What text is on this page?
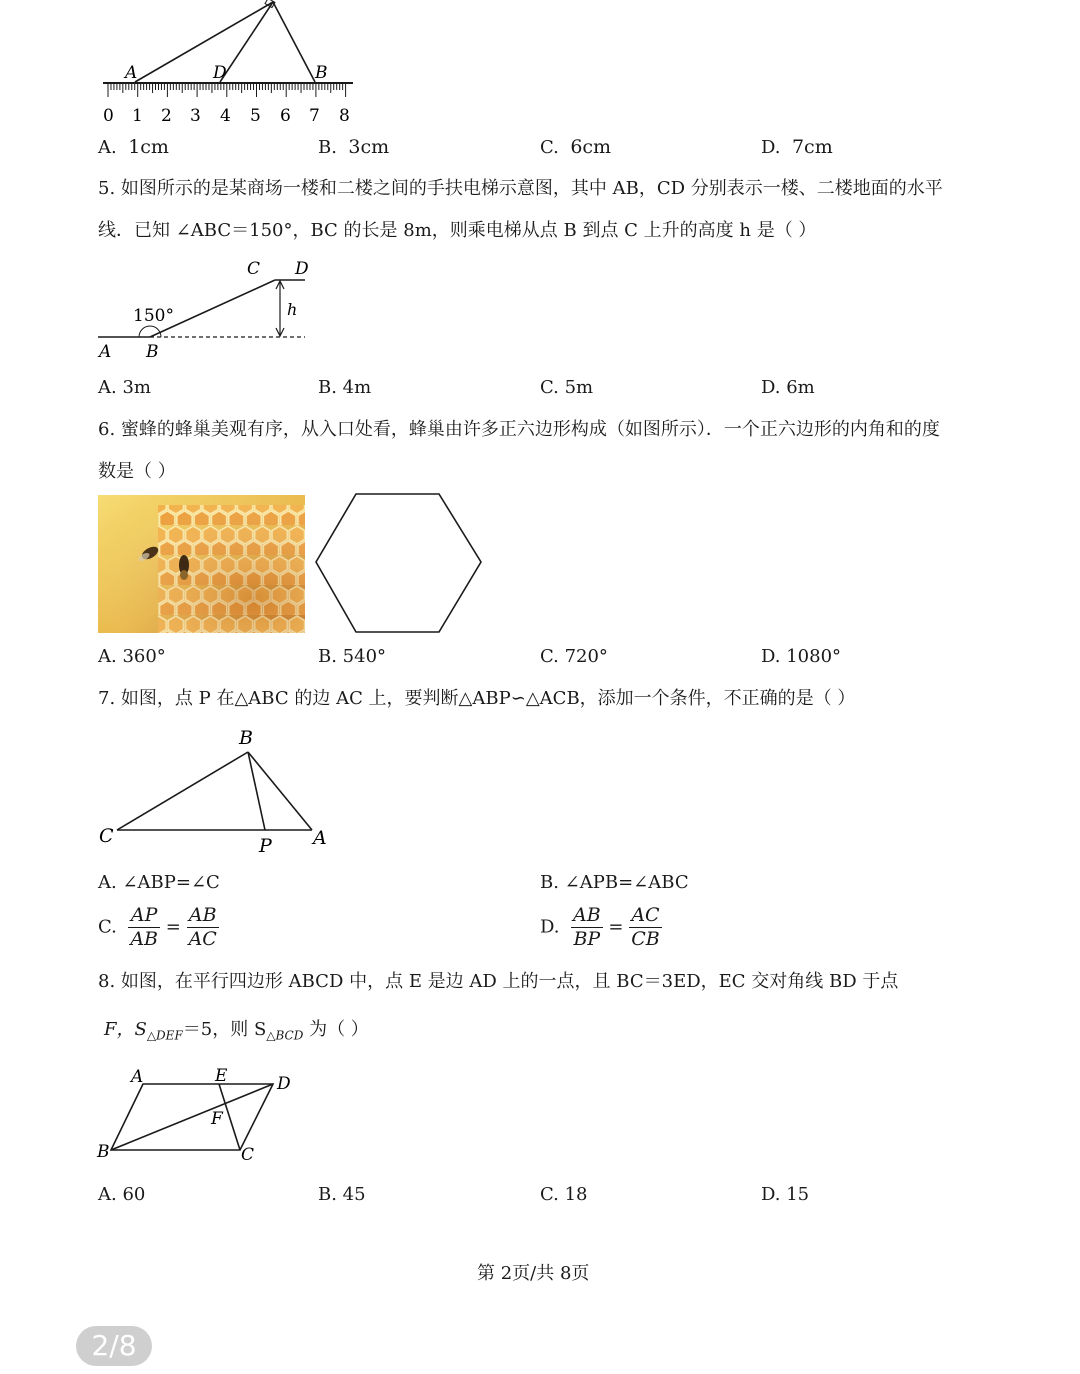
A	D	B
0 1 2 3 4 5 6 7 8
A. 1cm	B. 3cm	C. 6cm	D. 7cm
5. 如图所示的是某商场一楼和二楼之间的手扶电梯示意图，其中 AB，CD 分别表示一楼、二楼地面的水平
线．已知 ∠ABC＝150°，BC 的长是 8m，则乘电梯从点 B 到点 C 上升的高度 h 是（ ）
C D
h
150°
A B
A. 3m	B. 4m	C. 5m	D. 6m
6. 蜜蜂的蜂巢美观有序，从入口处看，蜂巢由许多正六边形构成（如图所示）．一个正六边形的内角和的度
数是（ ）
A. 360°	B. 540°	C. 720°	D. 1080°
7. 如图，点 P 在△ABC 的边 AC 上，要判断△ABP∽△ACB，添加一个条件，不正确的是（ ）
B
C	P A
A. ∠ABP=∠C	B. ∠APB=∠ABC
C. $\frac{AP}{AB} = \frac{AB}{AC}$	D. $\frac{AB}{BP} = \frac{AC}{CB}$
8. 如图，在平行四边形 ABCD 中，点 E 是边 AD 上的一点，且 BC＝3ED，EC 交对角线 BD 于点
F，$S_{\triangle DEF}=5$，则 $S_{\triangle BCD}$ 为（ ）
A	E	D
F
B	C
A. 60	B. 45	C. 18	D. 15
第 2页/共 8页
2/8
